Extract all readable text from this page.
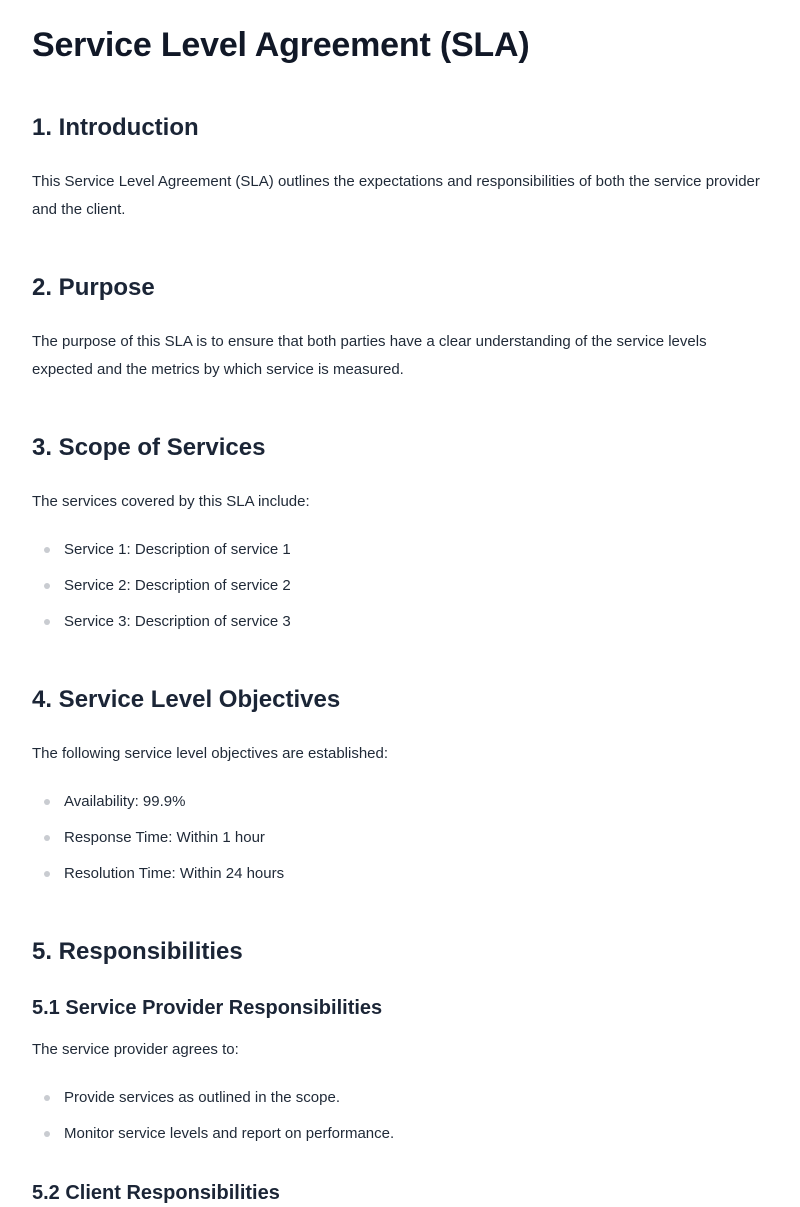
Service Level Agreement (SLA)
1. Introduction

This Service Level Agreement (SLA) outlines the expectations and responsibilities of both the service provider and the client.

2. Purpose

The purpose of this SLA is to ensure that both parties have a clear understanding of the service levels expected and the metrics by which service is measured.

3. Scope of Services

The services covered by this SLA include:

Service 1: Description of service 1
Service 2: Description of service 2
Service 3: Description of service 3
4. Service Level Objectives

The following service level objectives are established:

Availability: 99.9%
Response Time: Within 1 hour
Resolution Time: Within 24 hours
5. Responsibilities
5.1 Service Provider Responsibilities

The service provider agrees to:

Provide services as outlined in the scope.
Monitor service levels and report on performance.
5.2 Client Responsibilities
